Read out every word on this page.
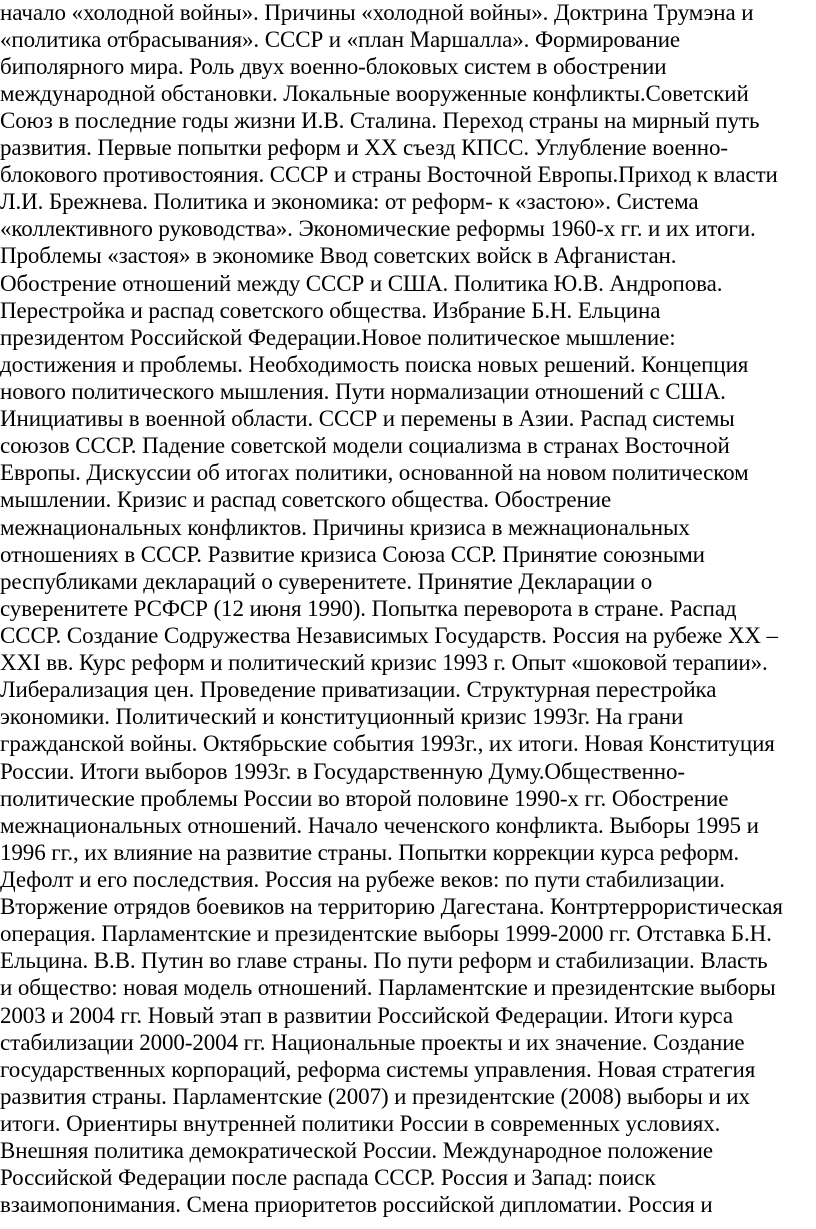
начало «холодной войны». Причины «холодной войны». Доктрина Трумэна и
«политика отбрасывания». СССР и «план Маршалла». Формирование
биполярного мира. Роль двух военно-блоковых систем в обострении
международной обстановки. Локальные вооруженные конфликты.Советский
Союз в последние годы жизни И.В. Сталина. Переход страны на мирный путь
развития. Первые попытки реформ и XX съезд КПСС. Углубление военно-
блокового противостояния. СССР и страны Восточной Европы.Приход к власти
Л.И. Брежнева. Политика и экономика: от реформ- к «застою». Система
«коллективного руководства». Экономические реформы 1960-х гг. и их итоги.
Проблемы «застоя» в экономике Ввод советских войск в Афганистан.
Обострение отношений между СССР и США. Политика Ю.В. Андропова.
Перестройка и распад советского общества. Избрание Б.Н. Ельцина
президентом Российской Федерации.Новое политическое мышление:
достижения и проблемы. Необходимость поиска новых решений. Концепция
нового политического мышления. Пути нормализации отношений с США.
Инициативы в военной области. СССР и перемены в Азии. Распад системы
союзов СССР. Падение советской модели социализма в странах Восточной
Европы. Дискуссии об итогах политики, основанной на новом политическом
мышлении. Кризис и распад советского общества. Обострение
межнациональных конфликтов. Причины кризиса в межнациональных
отношениях в СССР. Развитие кризиса Союза ССР. Принятие союзными
республиками деклараций о суверенитете. Принятие Декларации о
суверенитете РСФСР (12 июня 1990). Попытка переворота в стране. Распад
СССР. Создание Содружества Независимых Государств. Россия на рубеже XX –
XXI вв. Курс реформ и политический кризис 1993 г. Опыт «шоковой терапии».
Либерализация цен. Проведение приватизации. Структурная перестройка
экономики. Политический и конституционный кризис 1993г. На грани
гражданской войны. Октябрьские события 1993г., их итоги. Новая Конституция
России. Итоги выборов 1993г. в Государственную Думу.Общественно-
политические проблемы России во второй половине 1990-х гг. Обострение
межнациональных отношений. Начало чеченского конфликта. Выборы 1995 и
1996 гг., их влияние на развитие страны. Попытки коррекции курса реформ.
Дефолт и его последствия. Россия на рубеже веков: по пути стабилизации.
Вторжение отрядов боевиков на территорию Дагестана. Контртеррористическая
операция. Парламентские и президентские выборы 1999-2000 гг. Отставка Б.Н.
Ельцина. В.В. Путин во главе страны. По пути реформ и стабилизации. Власть
и общество: новая модель отношений. Парламентские и президентские выборы
2003 и 2004 гг. Новый этап в развитии Российской Федерации. Итоги курса
стабилизации 2000-2004 гг. Национальные проекты и их значение. Создание
государственных корпораций, реформа системы управления. Новая стратегия
развития страны. Парламентские (2007) и президентские (2008) выборы и их
итоги. Ориентиры внутренней политики России в современных условиях.
Внешняя политика демократической России. Международное положение
Российской Федерации после распада СССР. Россия и Запад: поиск
взаимопонимания. Смена приоритетов российской дипломатии. Россия и
